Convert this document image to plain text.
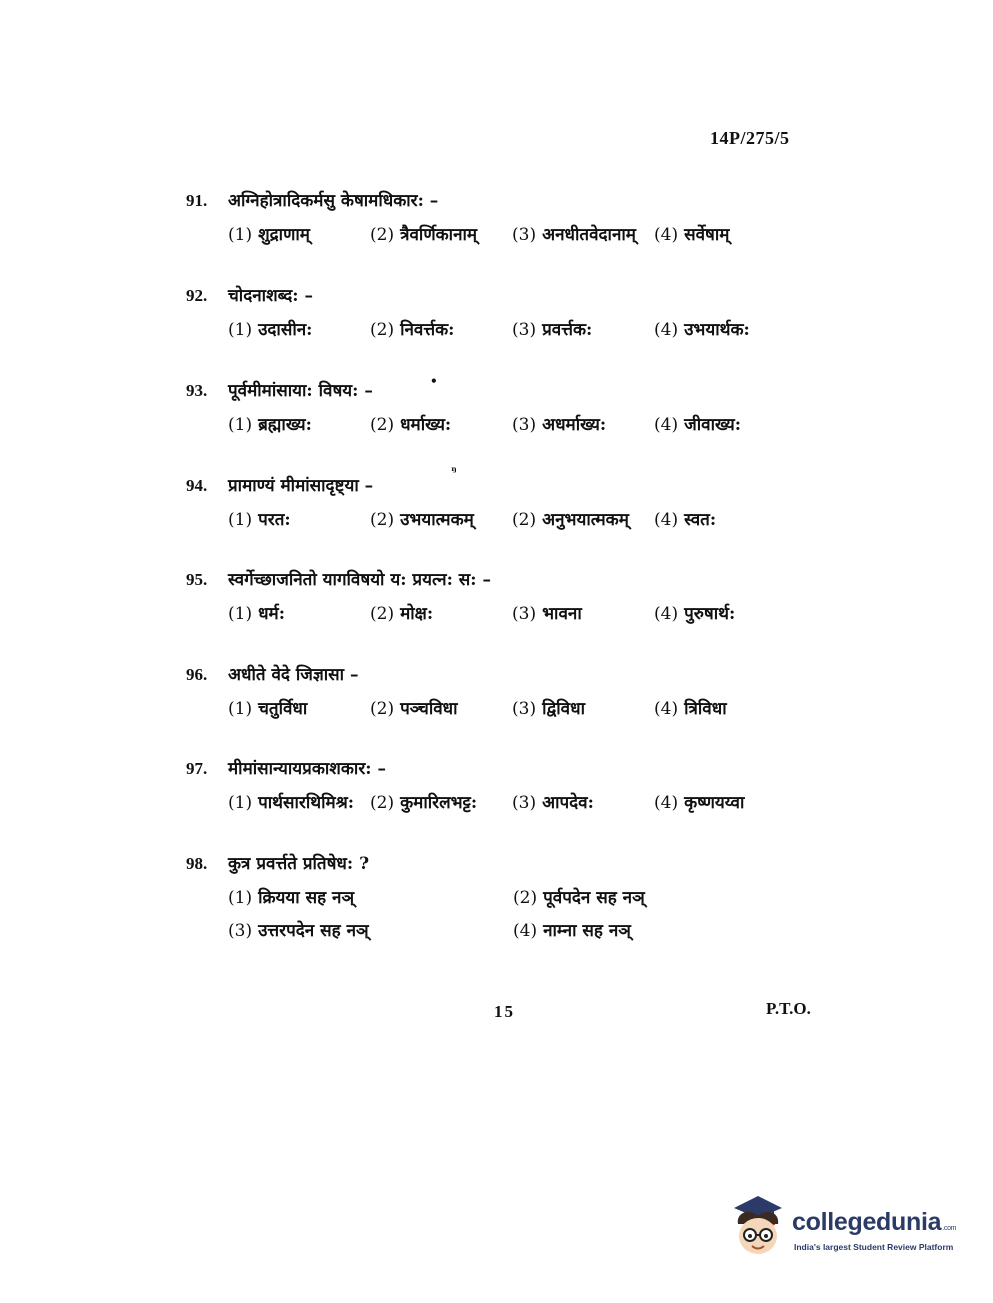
14P/275/5
91.	अग्निहोत्रादिकर्मसु केषामधिकार: –
(1) शुद्राणाम्	(2) त्रैवर्णिकानाम्	(3) अनधीतवेदानाम्	(4) सर्वेषाम्
92.	चोदनाशब्द: –
(1) उदासीन:	(2) निवर्त्तक:	(3) प्रवर्त्तक:	(4) उभयार्थक:
93.	पूर्वमीमांसाया: विषय: –
(1) ब्रह्माख्य:	(2) धर्माख्य:	(3) अधर्माख्य:	(4) जीवाख्य:
94.	प्रामाण्यं मीमांसादृष्ट्या –
(1) परत:	(2) उभयात्मकम्	(2) अनुभयात्मकम्	(4) स्वत:
95.	स्वर्गेच्छाजनितो यागविषयो य: प्रयत्न: स: –
(1) धर्म:	(2) मोक्ष:	(3) भावना	(4) पुरुषार्थ:
96.	अधीते वेदे जिज्ञासा –
(1) चतुर्विधा	(2) पञ्चविधा	(3) द्विविधा	(4) त्रिविधा
97.	मीमांसान्यायप्रकाशकार: –
(1) पार्थसारथिमिश्र: (2) कुमारिलभट्ट:	(3) आपदेव:	(4) कृष्णयय्वा
98.	कुत्र प्रवर्त्तते प्रतिषेध: ?
(1) क्रियया सह नञ्	(2) पूर्वपदेन सह नञ्
(3) उत्तरपदेन सह नञ्	(4) नाम्ना सह नञ्
•
ᵑ
15	P.T.O.
collegedunia.com
India's largest Student Review Platform
